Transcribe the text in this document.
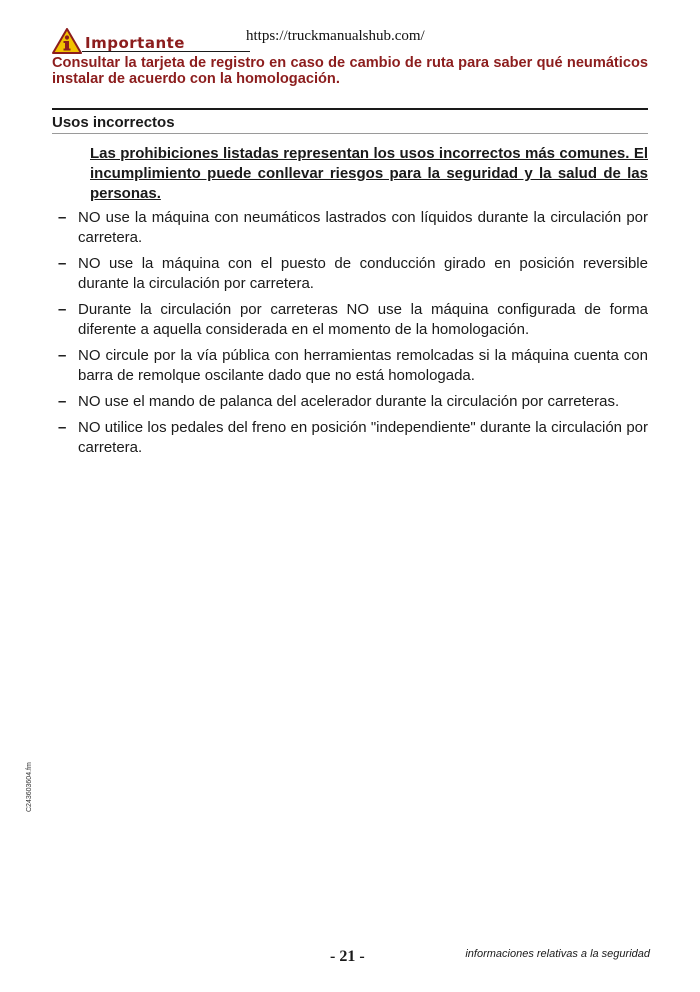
https://truckmanualshub.com/
Importante
Consultar la tarjeta de registro en caso de cambio de ruta para saber qué neumáticos instalar de acuerdo con la homologación.
Usos incorrectos
Las prohibiciones listadas representan los usos incorrectos más comunes. El incumplimiento puede conllevar riesgos para la seguridad y la salud de las personas.
– NO use la máquina con neumáticos lastrados con líquidos durante la circulación por carretera.
– NO use la máquina con el puesto de conducción girado en posición reversible durante la circulación por carretera.
– Durante la circulación por carreteras NO use la máquina configurada de forma diferente a aquella considerada en el momento de la homologación.
– NO circule por la vía pública con herramientas remolcadas si la máquina cuenta con barra de remolque oscilante dado que no está homologada.
– NO use el mando de palanca del acelerador durante la circulación por carreteras.
– NO utilice los pedales del freno en posición "independiente" durante la circulación por carretera.
C243603604.fm
- 21 -	informaciones relativas a la seguridad
